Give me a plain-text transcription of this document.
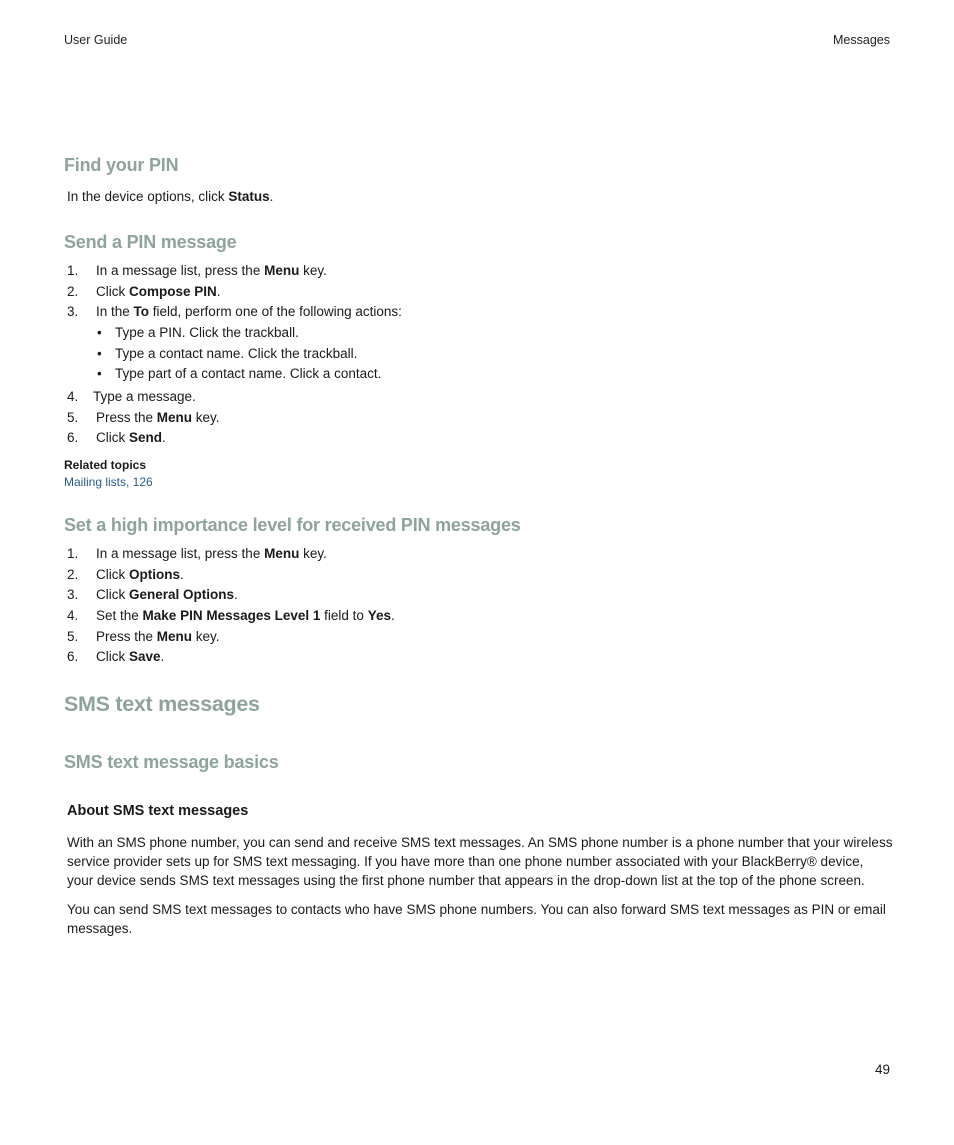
User Guide	Messages
Find your PIN
In the device options, click Status.
Send a PIN message
1.	In a message list, press the Menu key.
2.	Click Compose PIN.
3.	In the To field, perform one of the following actions:
• Type a PIN. Click the trackball.
• Type a contact name. Click the trackball.
• Type part of a contact name. Click a contact.
4.	Type a message.
5.	Press the Menu key.
6.	Click Send.
Related topics
Mailing lists, 126
Set a high importance level for received PIN messages
1.	In a message list, press the Menu key.
2.	Click Options.
3.	Click General Options.
4.	Set the Make PIN Messages Level 1 field to Yes.
5.	Press the Menu key.
6.	Click Save.
SMS text messages
SMS text message basics
About SMS text messages
With an SMS phone number, you can send and receive SMS text messages. An SMS phone number is a phone number that your wireless service provider sets up for SMS text messaging. If you have more than one phone number associated with your BlackBerry® device, your device sends SMS text messages using the first phone number that appears in the drop-down list at the top of the phone screen.
You can send SMS text messages to contacts who have SMS phone numbers. You can also forward SMS text messages as PIN or email messages.
49
